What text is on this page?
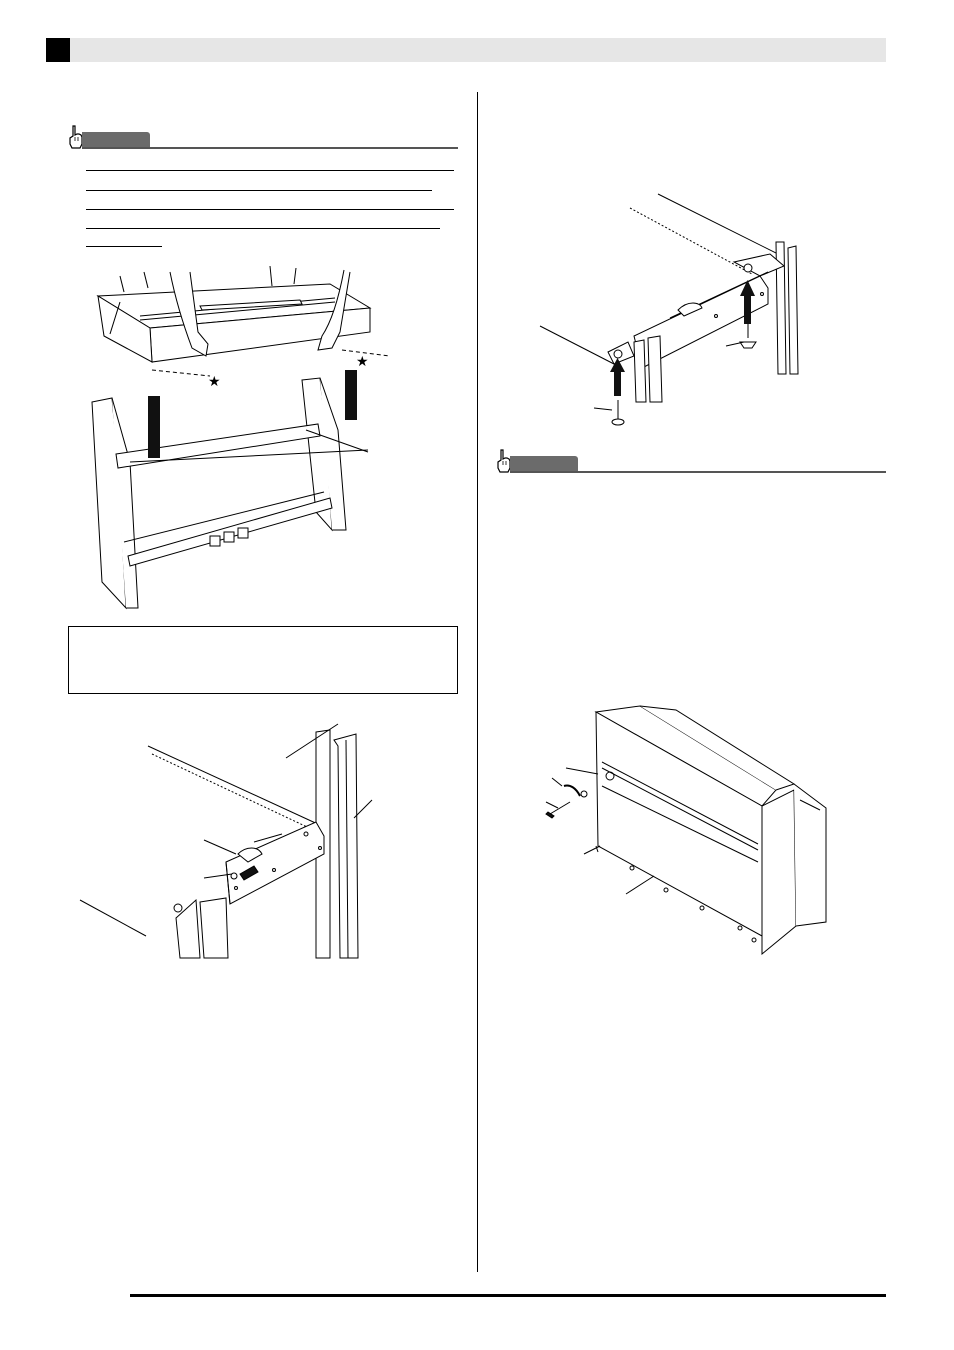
★
★
